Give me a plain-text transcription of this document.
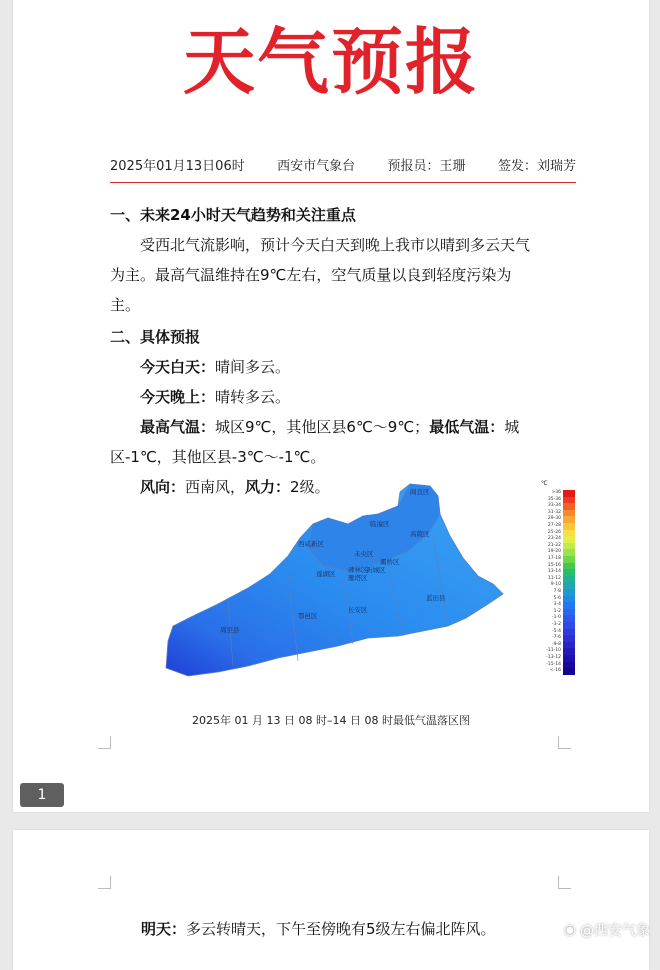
天气预报
2025年01月13日06时 西安市气象台 预报员：王珊 签发：刘瑞芳
一、未来24小时天气趋势和关注重点
受西北气流影响，预计今天白天到晚上我市以晴到多云天气为主。最高气温维持在9℃左右，空气质量以良到轻度污染为主。
二、具体预报
今天白天：晴间多云。
今天晚上：晴转多云。
最高气温：城区9℃，其他区县6℃～9℃；最低气温：城区-1℃，其他区县-3℃～-1℃。
风向：西南风，风力：2级。	阎良区
临潼区
高陵区
鄠邑区
长安区
周至县
蓝田县
灞桥区
未央区
雁塔区
莲湖区 碑林区
新城区
西咸新区
℃
>36
35-36
33-34
31-32
29-30
27-28
25-26
23-24
21-22
19-20
17-18
15-16
13-14
11-12
9-10
7-8
5-6
3-4
1-2
-1-0
-3-2
-5-4
-7-6
-9-8
-11-10
-13-12
-15-14
<-16
2025年 01 月 13 日 08 时–14 日 08 时最低气温落区图
1
明天：多云转晴天，下午至傍晚有5级左右偏北阵风。	◉ @西安气象
